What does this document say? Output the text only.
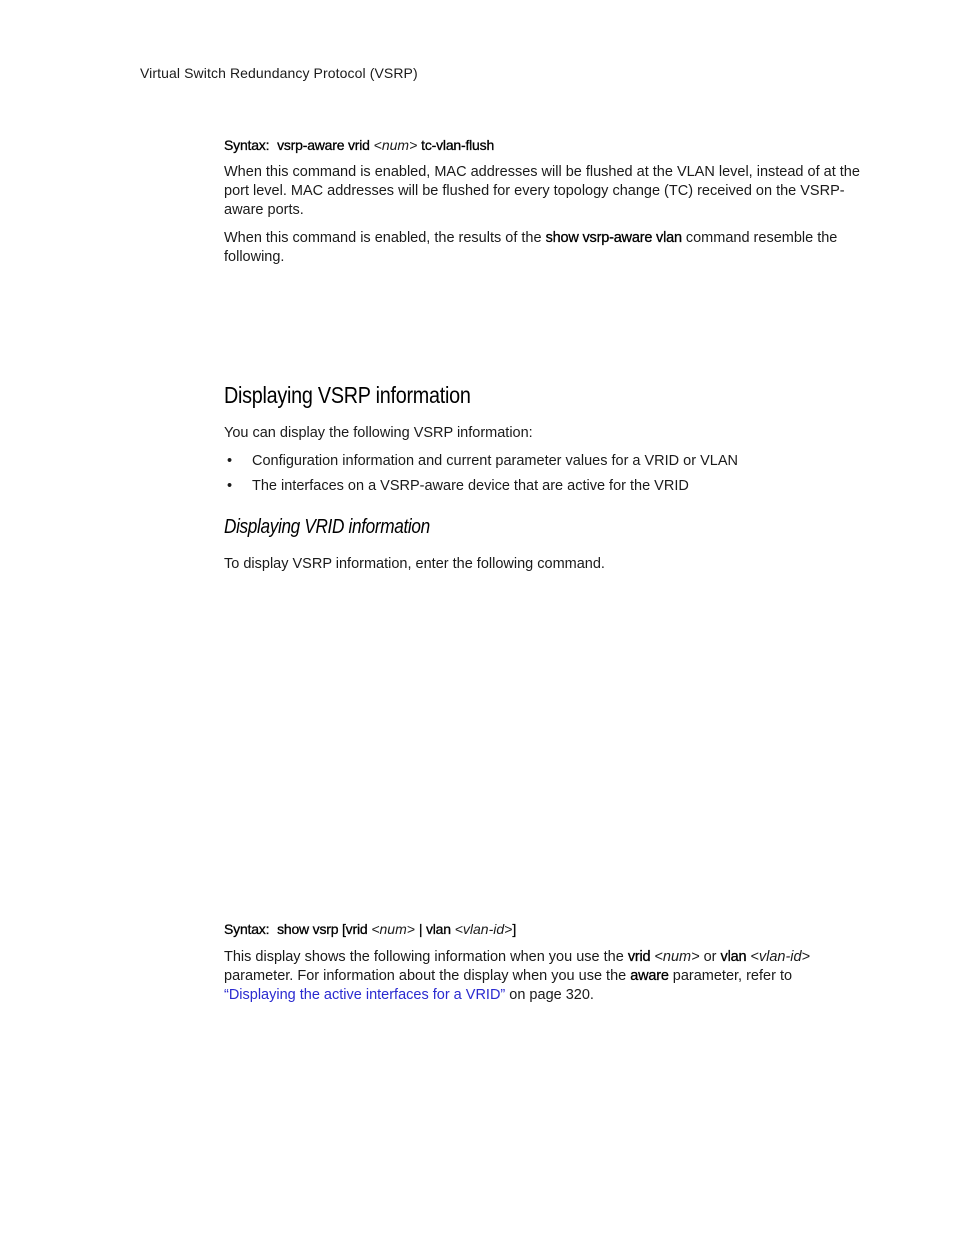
Virtual Switch Redundancy Protocol (VSRP)
Syntax: vsrp-aware vrid <num> tc-vlan-flush
When this command is enabled, MAC addresses will be flushed at the VLAN level, instead of at the port level. MAC addresses will be flushed for every topology change (TC) received on the VSRP-aware ports.
When this command is enabled, the results of the show vsrp-aware vlan command resemble the following.
Displaying VSRP information
You can display the following VSRP information:
• Configuration information and current parameter values for a VRID or VLAN
• The interfaces on a VSRP-aware device that are active for the VRID
Displaying VRID information
To display VSRP information, enter the following command.
Syntax: show vsrp [vrid <num> | vlan <vlan-id>]
This display shows the following information when you use the vrid <num> or vlan <vlan-id>
parameter. For information about the display when you use the aware parameter, refer to
“Displaying the active interfaces for a VRID” on page 320.
